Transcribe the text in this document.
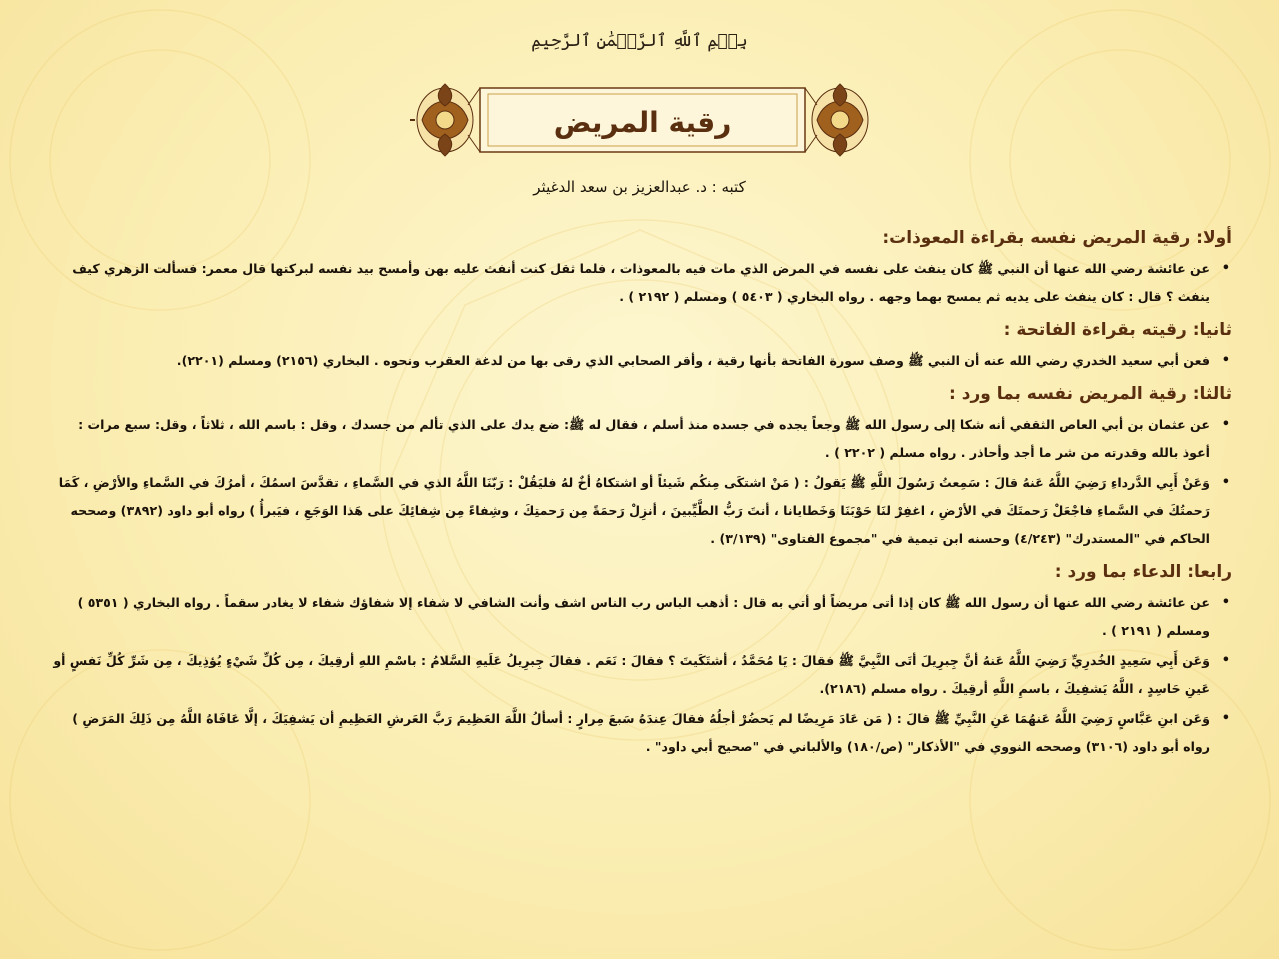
بِسۡمِ ٱللَّهِ ٱلرَّحۡمَٰنِ ٱلرَّحِيمِ
رقية المريض
كتبه : د. عبدالعزيز بن سعد الدغيثر
أولا: رقية المريض نفسه بقراءة المعوذات:
•
عن عائشة رضي الله عنها أن النبي ﷺ كان ينفث على نفسه في المرض الذي مات فيه بالمعوذات ، فلما ثقل كنت أنفث عليه بهن وأمسح بيد نفسه لبركتها قال معمر: فسألت الزهري كيف ينفث ؟ قال : كان ينفث على يديه ثم يمسح بهما وجهه . رواه البخاري ( ٥٤٠٣ ) ومسلم ( ٢١٩٢ ) .
ثانيا: رقيته بقراءة الفاتحة :
•
فعن أبي سعيد الخدري رضي الله عنه أن النبي ﷺ وصف سورة الفاتحة بأنها رقية ، وأقر الصحابي الذي رقى بها من لدغة العقرب ونحوه . البخاري (٢١٥٦) ومسلم (٢٢٠١).
ثالثا: رقية المريض نفسه بما ورد :
•
عن عثمان بن أبي العاص الثقفي أنه شكا إلى رسول الله ﷺ وجعاً يجده في جسده منذ أسلم ، فقال له ﷺ: ضع يدك على الذي تألم من جسدك ، وقل : باسم الله ، ثلاثاً ، وقل: سبع مرات : أعوذ بالله وقدرته من شر ما أجد وأحاذر . رواه مسلم ( ٢٢٠٢ ) .
•
وَعَنْ أَبِي الدَّرداءِ رَضِيَ اللَّهُ عَنهُ قالَ : سَمِعتُ رَسُولَ اللَّهِ ﷺ يَقولُ : ( مَنْ اشتكَى مِنكُم شَيئاً أو اشتكاهُ أخٌ لهُ فليَقُلْ : رَبّنَا اللَّهُ الذي في السَّماءِ ، تقدَّسَ اسمُكَ ، أمرُكَ في السَّماءِ والأرْضِ ، كَمَا رَحمتُكَ في السَّماءِ فاجْعَلْ رَحمتَكَ في الأرْضِ ، اغفِرْ لنَا حَوْبَنَا وَخَطايانا ، أنتَ رَبُّ الطَّيِّبينَ ، أنزِلْ رَحمَةً مِن رَحمتِكَ ، وشِفاءً مِن شِفائِكَ على هَذا الوَجَعِ ، فيَبرأُ ) رواه أبو داود (٣٨٩٢) وصححه الحاكم في "المستدرك" (٤/٢٤٣) وحسنه ابن تيمية في "مجموع الفتاوى" (٣/١٣٩) .
رابعا: الدعاء بما ورد :
•
عن عائشة رضي الله عنها أن رسول الله ﷺ كان إذا أتى مريضاً أو أتي به قال : أذهب الباس رب الناس اشف وأنت الشافي لا شفاء إلا شفاؤك شفاء لا يغادر سقماً . رواه البخاري ( ٥٣٥١ ) ومسلم ( ٢١٩١ ) .
•
وَعَن أَبِي سَعِيدٍ الخُدرِيِّ رَضِيَ اللَّهُ عَنهُ أنَّ جِبرِيلَ أتَى النَّبِيَّ ﷺ فقالَ : يَا مُحَمَّدُ ، أشتَكَيتَ ؟ فقالَ : نَعَم . فقالَ جِبرِيلُ عَلَيهِ السَّلامُ : باسْمِ اللهِ أرقِيكَ ، مِن كُلِّ شَيْءٍ يُؤذِيكَ ، مِن شَرِّ كُلِّ نَفسٍ أو عَينِ حَاسِدٍ ، اللَّهُ يَشفِيكَ ، باسمِ اللَّهِ أرقِيكَ . رواه مسلم (٢١٨٦).
•
وَعَن ابنِ عَبَّاسٍ رَضِيَ اللَّهُ عَنهُمَا عَنِ النَّبِيِّ ﷺ قالَ : ( مَن عَادَ مَرِيضًا لم يَحضُرْ أجلُهُ فقالَ عِندَهُ سَبعَ مِرارٍ : أسألُ اللَّهَ العَظِيمَ رَبَّ العَرشِ العَظِيمِ أن يَشفِيَكَ ، إلَّا عَافَاهُ اللَّهُ مِن ذَلِكَ المَرَضِ ) رواه أبو داود (٣١٠٦) وصححه النووي في "الأذكار" (ص/١٨٠) والألباني في "صحيح أبي داود" .
